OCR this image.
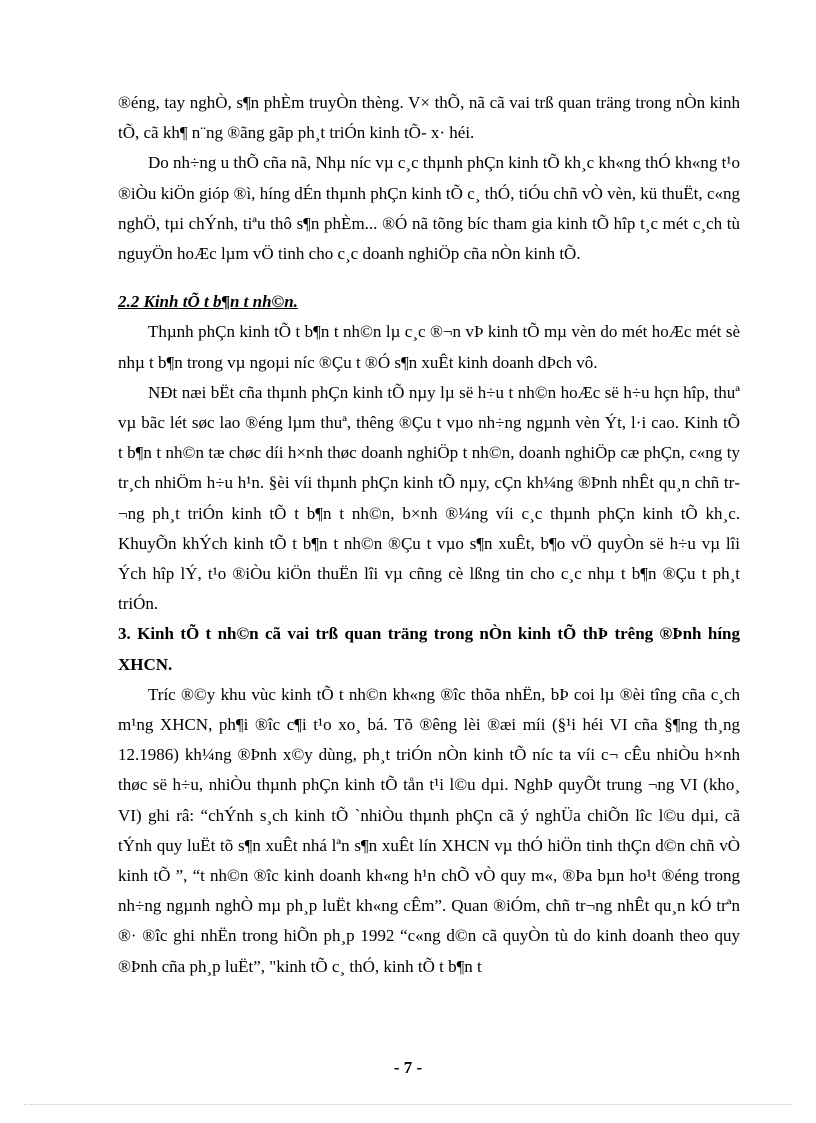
®éng, tay nghÒ, s¶n phÈm truyÒn thèng. V× thÕ, nã cã vai trß quan träng trong nÒn kinh tÕ, cã kh¶ n¨ng ®ãng gãp ph¸t triÓn kinh tÕ- x· héi.

Do nh÷ng u thÕ cña nã, Nhµ níc vµ c¸c thµnh phÇn kinh tÕ kh¸c kh«ng thÓ kh«ng t¹o ®iÒu kiÖn gióp ®ì, híng dÉn thµnh phÇn kinh tÕ c¸ thÓ, tiÓu chñ vÒ vèn, kü thuËt, c«ng nghÖ, tµi chÝnh, tiªu thô s¶n phÈm... ®Ó nã tõng bíc tham gia kinh tÕ hîp t¸c mét c¸ch tù nguyÖn hoÆc lµm vÖ tinh cho c¸c doanh nghiÖp cña nÒn kinh tÕ.

2.2 Kinh tÕ t b¶n t nh©n.

Thµnh phÇn kinh tÕ t b¶n t nh©n lµ c¸c ®¬n vÞ kinh tÕ mµ vèn do mét hoÆc mét sè nhµ t b¶n trong vµ ngoµi níc ®Çu t ®Ó s¶n xuÊt kinh doanh dÞch vô.

NÐt næi bËt cña thµnh phÇn kinh tÕ nµy lµ së h÷u t nh©n hoÆc së h÷u hçn hîp, thuª vµ bãc lét søc lao ®éng lµm thuª, thêng ®Çu t vµo nh÷ng ngµnh vèn Ýt, l·i cao. Kinh tÕ t b¶n t nh©n tæ chøc díi h×nh thøc doanh nghiÖp t nh©n, doanh nghiÖp cæ phÇn, c«ng ty tr¸ch nhiÖm h÷u h¹n. §èi víi thµnh phÇn kinh tÕ nµy, cÇn kh¼ng ®Þnh nhÊt qu¸n chñ tr¬ng ph¸t triÓn kinh tÕ t b¶n t nh©n, b×nh ®¼ng víi c¸c thµnh phÇn kinh tÕ kh¸c. KhuyÕn khÝch kinh tÕ t b¶n t nh©n ®Çu t vµo s¶n xuÊt, b¶o vÖ quyÒn së h÷u vµ lîi Ých hîp lÝ, t¹o ®iÒu kiÖn thuËn lîi vµ cñng cè lßng tin cho c¸c nhµ t b¶n ®Çu t ph¸t triÓn.

3. Kinh tÕ t nh©n cã vai trß quan träng trong nÒn kinh tÕ thÞ trêng ®Þnh híng XHCN.

Tríc ®©y khu vùc kinh tÕ t nh©n kh«ng ®îc thõa nhËn, bÞ coi lµ ®èi tîng cña c¸ch m¹ng XHCN, ph¶i ®îc c¶i t¹o xo¸ bá. Tõ ®êng lèi ®æi míi (§¹i héi VI cña §¶ng th¸ng 12.1986) kh¼ng ®Þnh x©y dùng, ph¸t triÓn nÒn kinh tÕ níc ta víi c¬ cÊu nhiÒu h×nh thøc së h÷u, nhiÒu thµnh phÇn kinh tÕ tån t¹i l©u dµi. NghÞ quyÕt trung ¬ng VI (kho¸ VI) ghi râ: “chÝnh s¸ch kinh tÕ `nhiÒu thµnh phÇn cã ý nghÜa chiÕn lîc l©u dµi, cã tÝnh quy luËt tõ s¶n xuÊt nhá lªn s¶n xuÊt lín XHCN vµ thÓ hiÖn tinh thÇn d©n chñ vÒ kinh tÕ ”, “t nh©n ®îc kinh doanh kh«ng h¹n chÕ vÒ quy m«, ®Þa bµn ho¹t ®éng trong nh÷ng ngµnh nghÒ mµ ph¸p luËt kh«ng cÊm”. Quan ®iÓm, chñ tr¬ng nhÊt qu¸n kÓ trªn ®· ®îc ghi nhËn trong hiÕn ph¸p 1992 “c«ng d©n cã quyÒn tù do kinh doanh theo quy ®Þnh cña ph¸p luËt”, "kinh tÕ c¸ thÓ, kinh tÕ t b¶n t

- 7 -
